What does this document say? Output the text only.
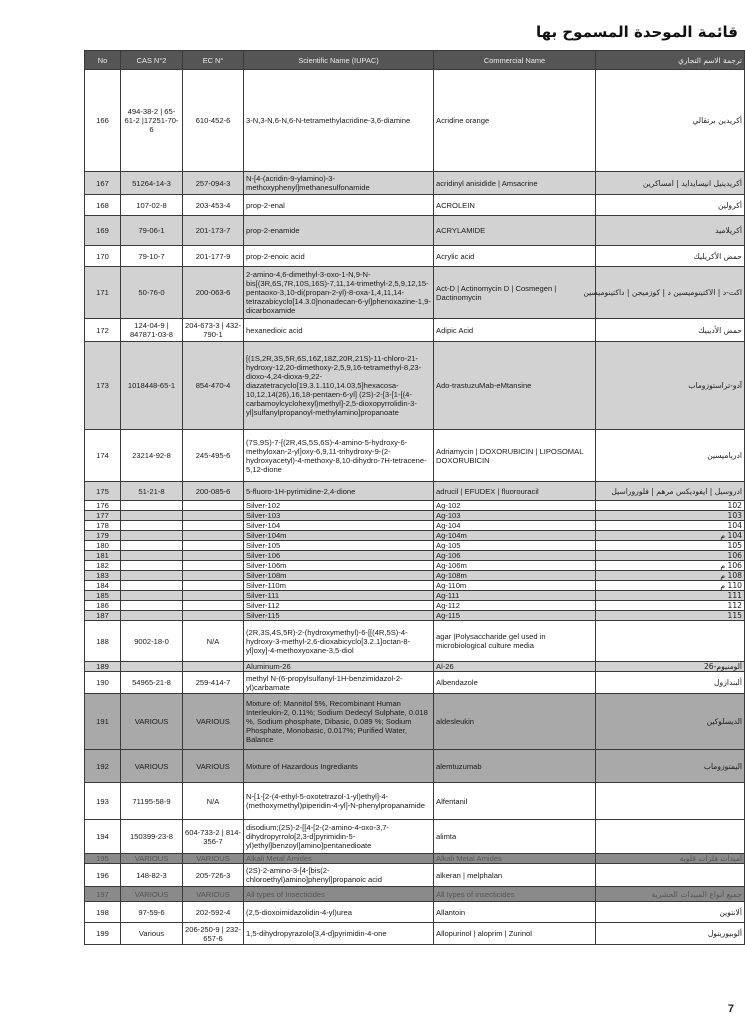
قائمة الموحدة المسموح بها
No	CAS N°2	EC N°	Scientific Name (IUPAC)	Commercial Name	ترجمة الاسم التجاري
166	494-38-2 | 65-61-2 |17251-70-6	610-452-6	3-N,3-N,6-N,6-N-tetramethylacridine-3,6-diamine	Acridine orange	أكريدين برتقالي
167	51264-14-3	257-094-3	N-[4-(acridin-9-ylamino)-3-methoxyphenyl]methanesulfonamide	acridinyl anisidide | Amsacrine	أكريدينيل انيسايدايد | امساكرين
168	107-02-8	203-453-4	prop-2-enal	ACROLEIN	أكرولين
169	79-06-1	201-173-7	prop-2-enamide	ACRYLAMIDE	أكريلاميد
170	79-10-7	201-177-9	prop-2-enoic acid	Acrylic acid	حمض الأكريليك
171	50-76-0	200-063-6	2-amino-4,6-dimethyl-3-oxo-1-N,9-N-bis[(3R,6S,7R,10S,16S)-7,11,14-trimethyl-2,5,9,12,15-pentaoxo-3,10-di(propan-2-yl)-8-oxa-1,4,11,14-tetrazabicyclo[14.3.0]nonadecan-6-yl]phenoxazine-1,9-dicarboxamide	Act-D | Actinomycin D | Cosmegen | Dactinomycin	اكت-د | الاكتينوميسين د | كوزميجن | داكتينوميسين
172	124-04-9 | 847871-03-8	204-673-3 | 432-790-1	hexanedioic acid	Adipic Acid	حمض الأديبيك
173	1018448-65-1	854-470-4	[(1S,2R,3S,5R,6S,16Z,18Z,20R,21S)-11-chloro-21-hydroxy-12,20-dimethoxy-2,5,9,16-tetramethyl-8,23-dioxo-4,24-dioxa-9,22-diazatetracyclo[19.3.1.110,14.03,5]hexacosa-10,12,14(26),16,18-pentaen-6-yl] (2S)-2-[3-[1-[(4-carbamoylcyclohexyl)methyl]-2,5-dioxopyrrolidin-3-yl]sulfanylpropanoyl-methylamino]propanoate	Ado-trastuzuMab-eMtansine	آدو-تراستوزوماب
174	23214-92-8	245-495-6	(7S,9S)-7-[(2R,4S,5S,6S)-4-amino-5-hydroxy-6-methyloxan-2-yl]oxy-6,9,11-trihydroxy-9-(2-hydroxyacetyl)-4-methoxy-8,10-dihydro-7H-tetracene-5,12-dione	Adriamycin | DOXORUBICIN | LIPOSOMAL DOXORUBICIN	ادرياميسين
175	51-21-8	200-085-6	5-fluoro-1H-pyrimidine-2,4-dione	adrucil | EFUDEX | fluorouracil	ادروسيل | ايفوديكس مرهم | فلوروراسيل
176			Silver-102	Ag-102	102
177			Silver-103	Ag-103	103
178			Silver-104	Ag-104	104
179			Silver-104m	Ag-104m	104 م
180			Silver-105	Ag-105	105
181			Silver-106	Ag-106	106
182			Silver-106m	Ag-106m	106 م
183			Silver-108m	Ag-108m	108 م
184			Silver-110m	Ag-110m	110 م
185			Silver-111	Ag-111	111
186			Silver-112	Ag-112	112
187			Silver-115	Ag-115	115
188	9002-18-0	N/A	(2R,3S,4S,5R)-2-(hydroxymethyl)-6-[[(4R,5S)-4-hydroxy-3-methyl-2,6-dioxabicyclo[3.2.1]octan-8-yl]oxy]-4-methoxyoxane-3,5-diol	agar |Polysaccharide gel used in microbiological culture media	
189			Aluminum-26	Al-26	ألومنيوم-26
190	54965-21-8	259-414-7	methyl N-(6-propylsulfanyl-1H-benzimidazol-2-yl)carbamate	Albendazole	ألبندازول
191	VARIOUS	VARIOUS	Mixture of: Mannitol 5%, Recombinant Human Interleukin-2, 0.11%; Sodium Dedecyl Sulphate, 0.018 %, Sodium phosphate, Dibasic, 0.089 %; Sodium Phosphate, Monobasic, 0.017%; Purified Water, Balance	aldesleukin	الديسلوكين
192	VARIOUS	VARIOUS	Mixture of Hazardous Ingrediants	alemtuzumab	اليمتوزوماب
193	71195-58-9	N/A	N-[1-[2-(4-ethyl-5-oxotetrazol-1-yl)ethyl]-4-(methoxymethyl)piperidin-4-yl]-N-phenylpropanamide	Alfentanil	
194	150399-23-8	604-733-2 | 814-356-7	disodium;(2S)-2-[[4-[2-(2-amino-4-oxo-3,7-dihydropyrrolo[2,3-d]pyrimidin-5-yl)ethyl]benzoyl]amino]pentanedioate	alimta	
195	VARIOUS	VARIOUS	Alkali Metal Amides	Alkali Metal Amides	أميدات فلزات قلوية
196	148-82-3	205-726-3	(2S)-2-amino-3-[4-[bis(2-chloroethyl)amino]phenyl]propanoic acid	alkeran | melphalan	
197	VARIOUS	VARIOUS	All types of Insecticides	All types of insecticides	جميع أنواع المبيدات الحشرية
198	97-59-6	202-592-4	(2,5-dioxoimidazolidin-4-yl)urea	Allantoin	ألانتوين
199	Various	206-250-9 | 232-657-6	1,5-dihydropyrazolo[3,4-d]pyrimidin-4-one	Allopurinol | aloprim | Zurinol	ألوبيورينول
7
